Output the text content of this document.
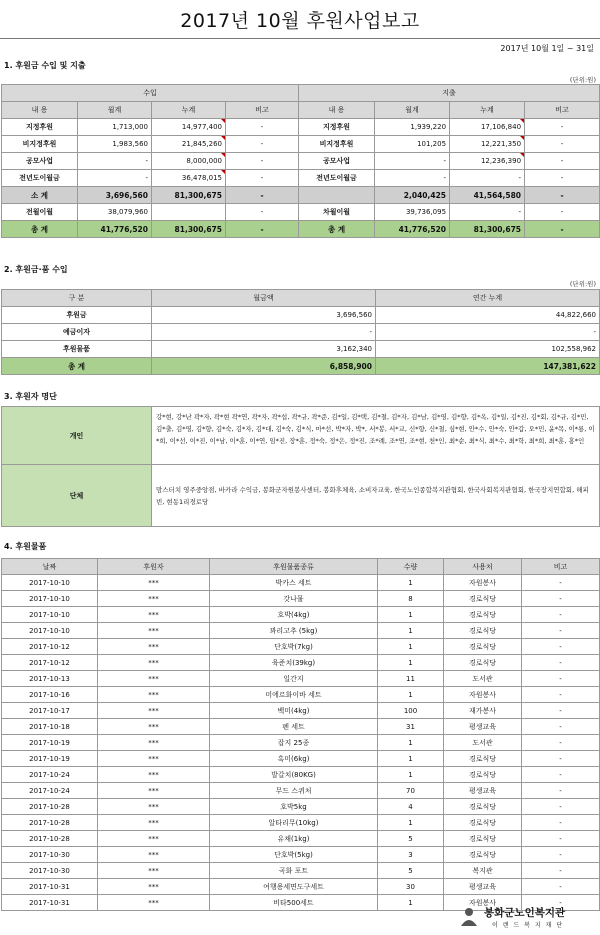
2017년 10월 후원사업보고
2017년 10월 1일 ~ 31일
1. 후원금 수입 및 지출
(단위:원)
수입				지출			
내 용	월계	누계	비고	내 용	월계	누계	비고
지정후원	1,713,000	14,977,400	-	지정후원	1,939,220	17,106,840	-
비지정후원	1,983,560	21,845,260	-	비지정후원	101,205	12,221,350	-
공모사업	-	8,000,000	-	공모사업	-	12,236,390	-
전년도이월금	-	36,478,015	-	전년도이월금	-	-	-
소 계	3,696,560	81,300,675	-		2,040,425	41,564,580	-
전월이월	38,079,960		-	차월이월	39,736,095	-	-
총 계	41,776,520	81,300,675	-	총 계	41,776,520	81,300,675	-
2. 후원금·품 수입
(단위:원)
구 분	월금액	연간 누계
후원금	3,696,560	44,822,660
예금이자	-	-
후원물품	3,162,340	102,558,962
총 계	6,858,900	147,381,622
3. 후원자 명단
개인	강*현, 강*난 곽*자, 곽*현 곽*연, 곽*자, 곽*섭, 곽*규, 곽*준, 김*일, 김*택, 김*철, 김*자, 김*남, 김*영, 김*향, 김*옥, 김*일, 김*진, 김*회, 김*규, 김*민, 김*출, 김*영, 김*향, 김*숙, 김*자, 김*대, 김*숙, 김*식, 마*선, 박*자, 박*, 서*봉, 서*교, 신*향, 신*철, 심*현, 안*수, 안*숙, 안*갑, 오*민, 윤*목, 이*룡, 이*희, 이*선, 이*진, 이*남, 이*훈, 이*연, 임*진, 장*훈, 정*숙, 정*은, 정*진, 조*례, 조*연, 조*현, 천*인, 최*순, 최*식, 최*수, 최*학, 최*희, 최*훈, 홍*인
단체	맘스터치 영주중앙점, 바카라 수익금, 봉화군자원봉사센터, 봉화후체육, 소비자교육, 한국노인종합복지관협회, 한국사회복지관협회, 한국장지연합회, 해피빈, 현동1리경로당
4. 후원물품
날짜	후원자	후원물품종류	수량	사용처	비고
2017-10-10	***	박카스 세트	1	자원봉사	-
2017-10-10	***	갓나물	8	경로식당	-
2017-10-10	***	호박(4kg)	1	경로식당	-
2017-10-10	***	꽈리고추 (5kg)	1	경로식당	-
2017-10-12	***	단호박(7kg)	1	경로식당	-
2017-10-12	***	육준치(39kg)	1	경로식당	-
2017-10-13	***	일간지	11	도서관	-
2017-10-16	***	미에르화이바 세트	1	자원봉사	-
2017-10-17	***	백미(4kg)	100	재가봉사	-
2017-10-18	***	펜 세트	31	평생교육	-
2017-10-19	***	잡지 25종	1	도서관	-
2017-10-19	***	흑미(6kg)	1	경로식당	-
2017-10-24	***	발갈치(80KG)	1	경로식당	-
2017-10-24	***	무드 스퀴처	70	평생교육	-
2017-10-28	***	호박5kg	4	경로식당	-
2017-10-28	***	알타리무(10kg)	1	경로식당	-
2017-10-28	***	유채(1kg)	5	경로식당	-
2017-10-30	***	단호박(5kg)	3	경로식당	-
2017-10-30	***	곡화 포트	5	복지관	-
2017-10-31	***	여행용세면도구세트	30	평생교육	-
2017-10-31	***	비타500세트	1	자원봉사	-
봉화군노인복지관
이 랜 드 복 지 재 단
